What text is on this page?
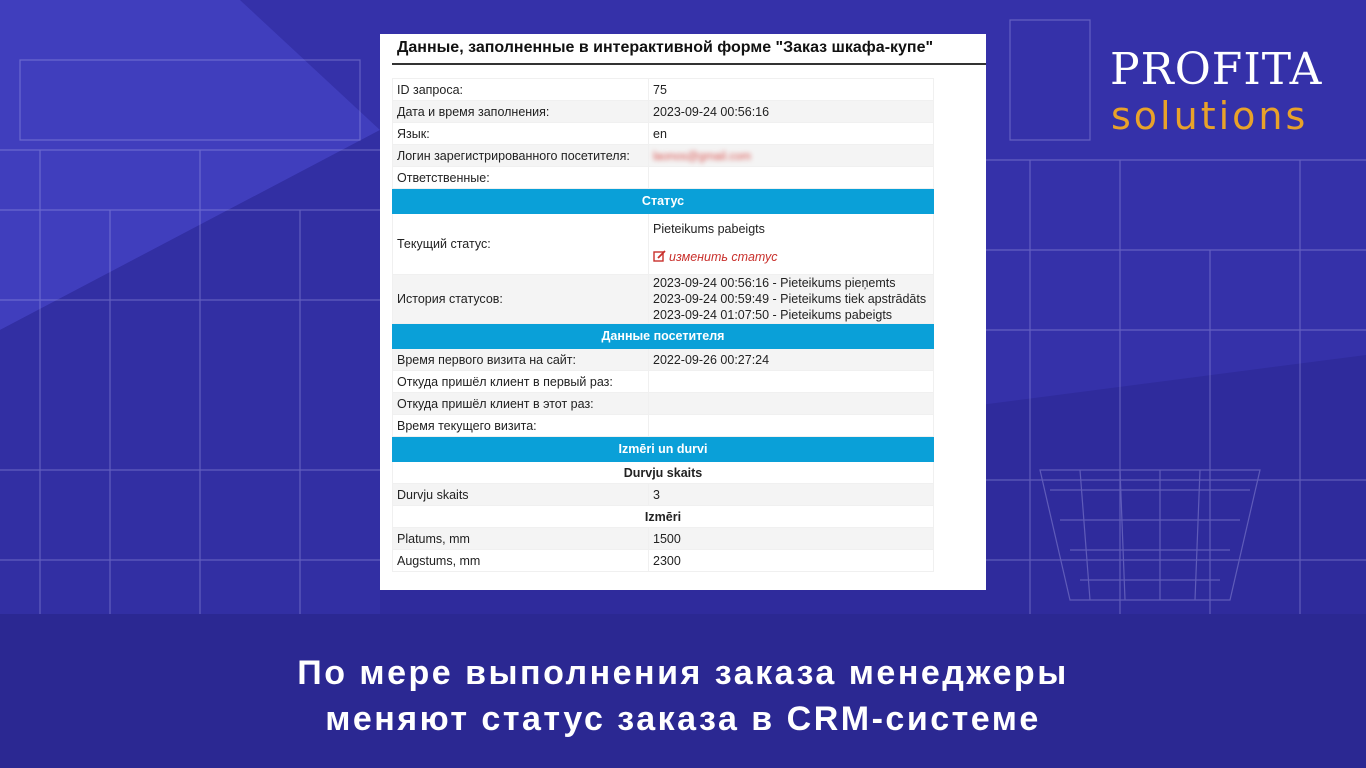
PROFITA
solutions
Данные, заполненные в интерактивной форме "Заказ шкафа-купе"
ID запроса:	75
Дата и время заполнения:	2023-09-24 00:56:16
Язык:	en
Логин зарегистрированного посетителя:	laonos@gmail.com
Ответственные:	
Статус	
Текущий статус:	Pieteikums pabeigts
изменить статус
История статусов:	2023-09-24 00:56:16 - Pieteikums pieņemts
2023-09-24 00:59:49 - Pieteikums tiek apstrādāts
2023-09-24 01:07:50 - Pieteikums pabeigts

Данные посетителя	
Время первого визита на сайт:	2022-09-26 00:27:24
Откуда пришёл клиент в первый раз:	
Откуда пришёл клиент в этот раз:	
Время текущего визита:	
Izmēri un durvi	
Durvju skaits	
Durvju skaits	3
Izmēri	
Platums, mm	1500
Augstums, mm	2300
По мере выполнения заказа менеджеры
меняют статус заказа в CRM-системе
